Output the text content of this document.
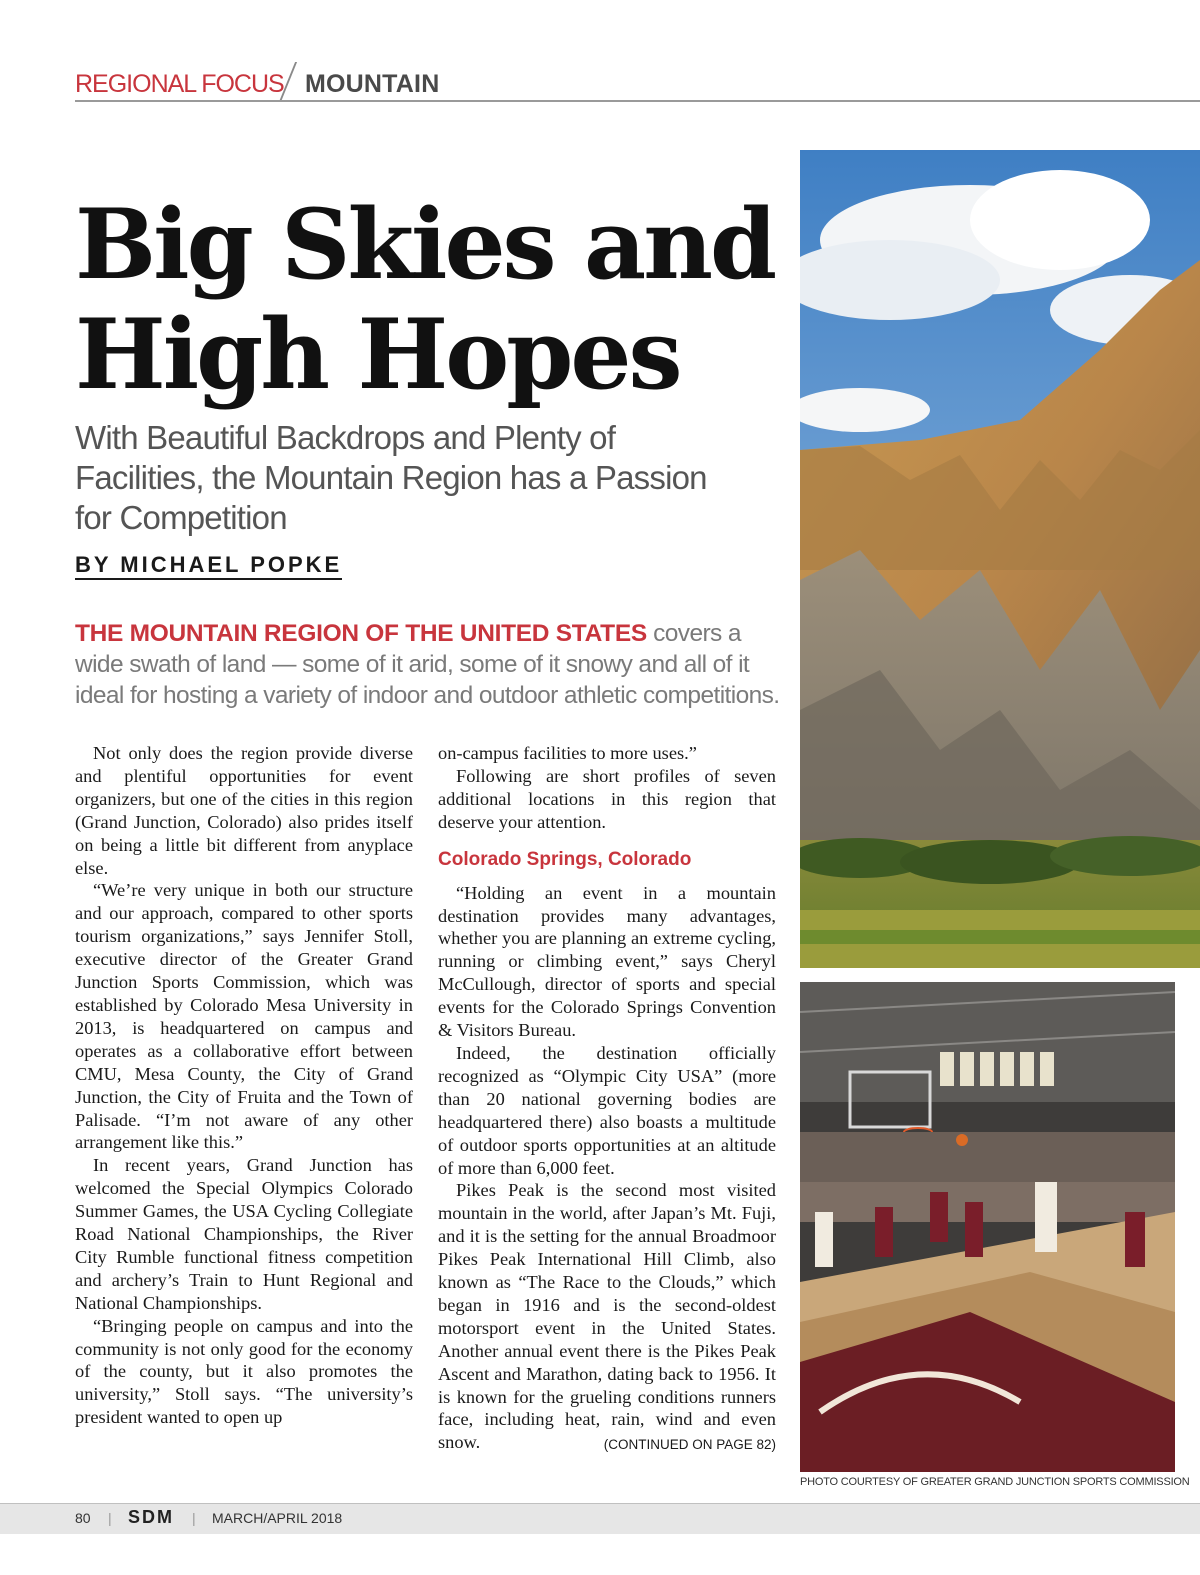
REGIONAL FOCUS MOUNTAIN
Big Skies and
High Hopes
With Beautiful Backdrops and Plenty of Facilities, the Mountain Region has a Passion for Competition
BY MICHAEL POPKE
THE MOUNTAIN REGION OF THE UNITED STATES covers a wide swath of land — some of it arid, some of it snowy and all of it ideal for hosting a variety of indoor and outdoor athletic competitions.

Not only does the region provide diverse and plentiful opportunities for event organizers, but one of the cities in this region (Grand Junction, Colorado) also prides itself on being a little bit different from anyplace else.

“We’re very unique in both our structure and our approach, compared to other sports tourism organizations,” says Jennifer Stoll, executive director of the Greater Grand Junction Sports Commission, which was established by Colorado Mesa University in 2013, is headquartered on campus and operates as a collaborative effort between CMU, Mesa County, the City of Grand Junction, the City of Fruita and the Town of Palisade. “I’m not aware of any other arrangement like this.”

In recent years, Grand Junction has welcomed the Special Olympics Colorado Summer Games, the USA Cycling Collegiate Road National Championships, the River City Rumble functional fitness competition and archery’s Train to Hunt Regional and National Championships.

“Bringing people on campus and into the community is not only good for the economy of the county, but it also promotes the university,” Stoll says. “The university’s president wanted to open up

on-campus facilities to more uses.”

Following are short profiles of seven additional locations in this region that deserve your attention.

Colorado Springs, Colorado

“Holding an event in a mountain destination provides many advantages, whether you are planning an extreme cycling, running or climbing event,” says Cheryl McCullough, director of sports and special events for the Colorado Springs Convention & Visitors Bureau.

Indeed, the destination officially recognized as “Olympic City USA” (more than 20 national governing bodies are headquartered there) also boasts a multitude of outdoor sports opportunities at an altitude of more than 6,000 feet.

Pikes Peak is the second most visited mountain in the world, after Japan’s Mt. Fuji, and it is the setting for the annual Broadmoor Pikes Peak International Hill Climb, also known as “The Race to the Clouds,” which began in 1916 and is the second-oldest motorsport event in the United States. Another annual event there is the Pikes Peak Ascent and Marathon, dating back to 1956. It is known for the grueling conditions runners face, including heat, rain, wind and even snow.	(CONTINUED ON PAGE 82)

PHOTO COURTESY OF GREATER GRAND JUNCTION SPORTS COMMISSION
80 | SDM | MARCH/APRIL 2018
